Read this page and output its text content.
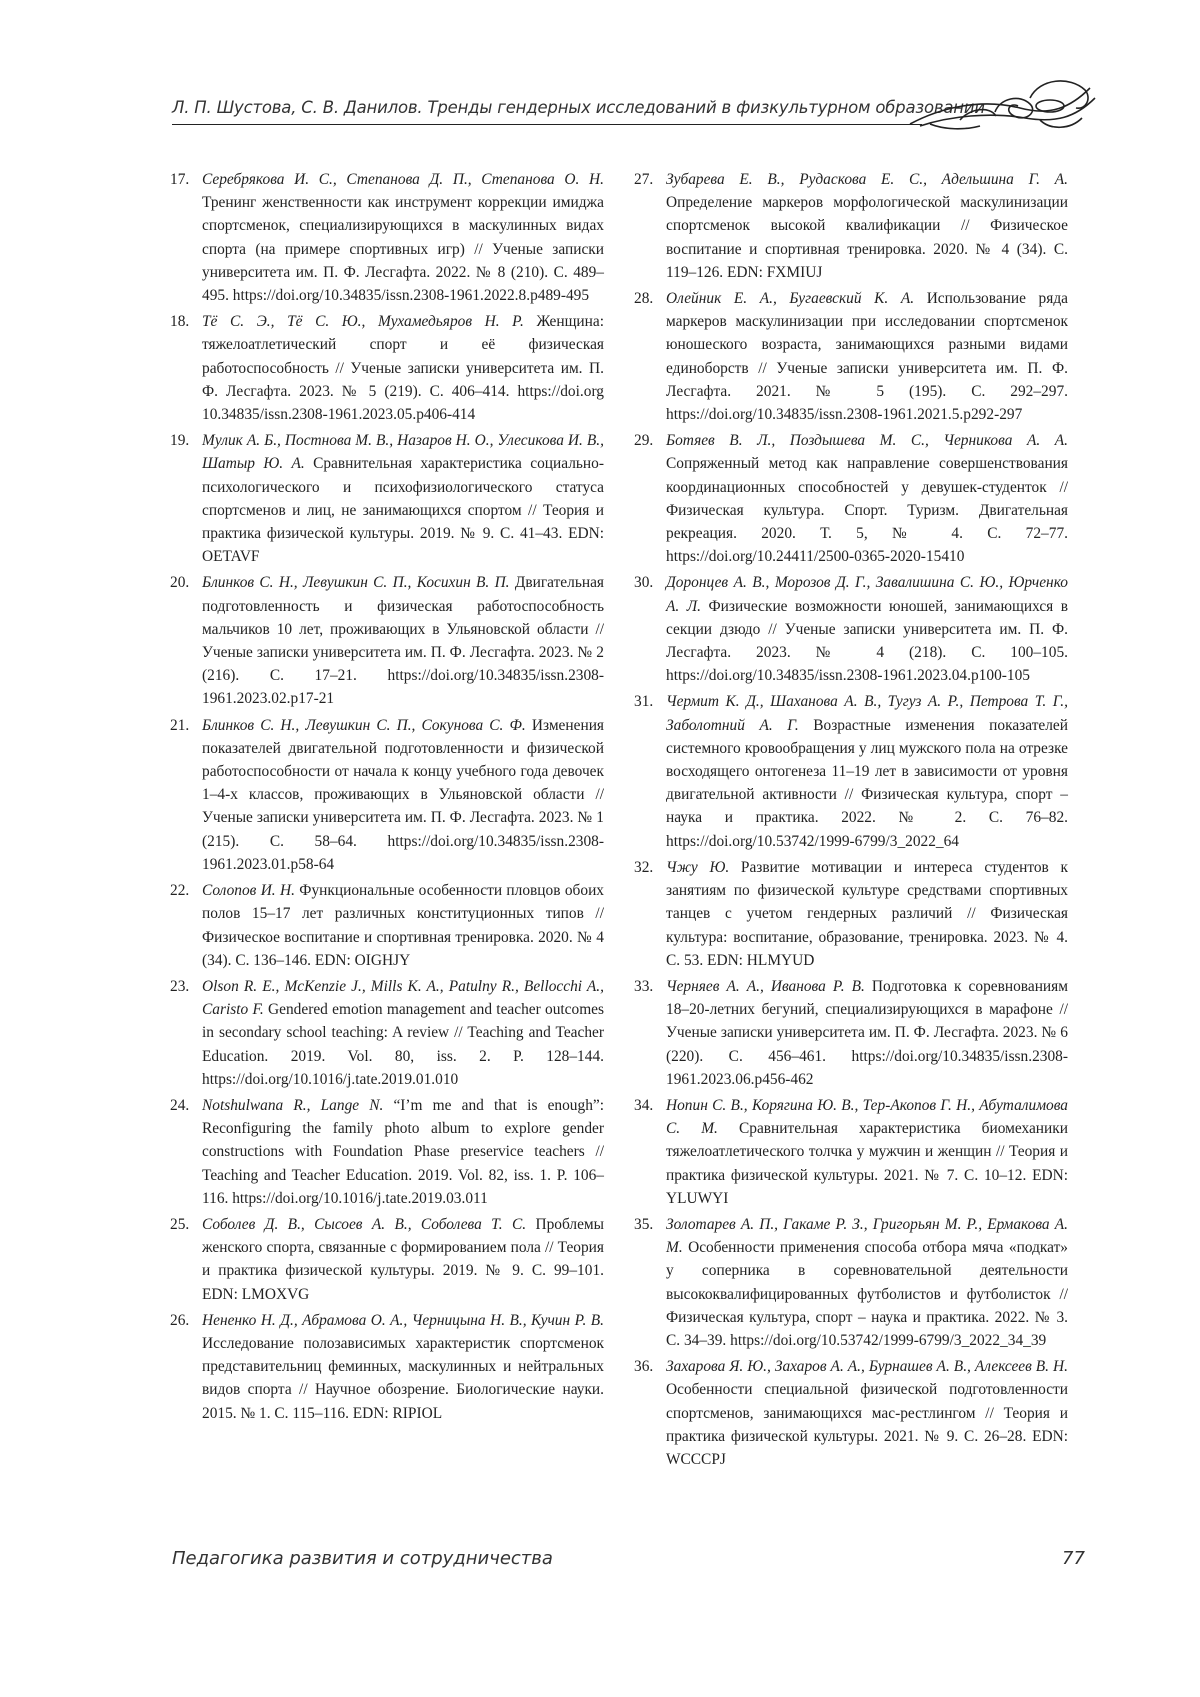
Л. П. Шустова, С. В. Данилов. Тренды гендерных исследований в физкультурном образовании
17. Серебрякова И. С., Степанова Д. П., Степанова О. Н. Тренинг женственности как инструмент коррекции имиджа спортсменок, специализирующихся в маскулинных видах спорта (на примере спортивных игр) // Ученые записки университета им. П. Ф. Лесгафта. 2022. № 8 (210). С. 489–495. https://doi.org/10.34835/issn.2308-1961.2022.8.p489-495
18. Тё С. Э., Тё С. Ю., Мухамедьяров Н. Р. Женщина: тяжелоатлетический спорт и её физическая работоспособность // Ученые записки университета им. П. Ф. Лесгафта. 2023. № 5 (219). С. 406–414. https://doi.org 10.34835/issn.2308-1961.2023.05.p406-414
19. Мулик А. Б., Постнова М. В., Назаров Н. О., Улесикова И. В., Шатыр Ю. А. Сравнительная характеристика социально-психологического и психофизиологического статуса спортсменов и лиц, не занимающихся спортом // Теория и практика физической культуры. 2019. № 9. С. 41–43. EDN: OETAVF
20. Блинков С. Н., Левушкин С. П., Косихин В. П. Двигательная подготовленность и физическая работоспособность мальчиков 10 лет, проживающих в Ульяновской области // Ученые записки университета им. П. Ф. Лесгафта. 2023. № 2 (216). С. 17–21. https://doi.org/10.34835/issn.2308-1961.2023.02.p17-21
21. Блинков С. Н., Левушкин С. П., Сокунова С. Ф. Изменения показателей двигательной подготовленности и физической работоспособности от начала к концу учебного года девочек 1–4-х классов, проживающих в Ульяновской области // Ученые записки университета им. П. Ф. Лесгафта. 2023. № 1 (215). С. 58–64. https://doi.org/10.34835/issn.2308-1961.2023.01.p58-64
22. Солопов И. Н. Функциональные особенности пловцов обоих полов 15–17 лет различных конституционных типов // Физическое воспитание и спортивная тренировка. 2020. № 4 (34). С. 136–146. EDN: OIGHJY
23. Olson R. E., McKenzie J., Mills K. A., Patulny R., Bellocchi A., Caristo F. Gendered emotion management and teacher outcomes in secondary school teaching: A review // Teaching and Teacher Education. 2019. Vol. 80, iss. 2. P. 128–144. https://doi.org/10.1016/j.tate.2019.01.010
24. Notshulwana R., Lange N. “I’m me and that is enough”: Reconfiguring the family photo album to explore gender constructions with Foundation Phase preservice teachers // Teaching and Teacher Education. 2019. Vol. 82, iss. 1. P. 106–116. https://doi.org/10.1016/j.tate.2019.03.011
25. Соболев Д. В., Сысоев А. В., Соболева Т. С. Проблемы женского спорта, связанные с формированием пола // Теория и практика физической культуры. 2019. № 9. С. 99–101. EDN: LMOXVG
26. Нененко Н. Д., Абрамова О. А., Черницына Н. В., Кучин Р. В. Исследование полозависимых характеристик спортсменок представительниц феминных, маскулинных и нейтральных видов спорта // Научное обозрение. Биологические науки. 2015. № 1. С. 115–116. EDN: RIPIOL
27. Зубарева Е. В., Рудаскова Е. С., Адельшина Г. А. Определение маркеров морфологической маскулинизации спортсменок высокой квалификации // Физическое воспитание и спортивная тренировка. 2020. № 4 (34). С. 119–126. EDN: FXMIUJ
28. Олейник Е. А., Бугаевский К. А. Использование ряда маркеров маскулинизации при исследовании спортсменок юношеского возраста, занимающихся разными видами единоборств // Ученые записки университета им. П. Ф. Лесгафта. 2021. № 5 (195). С. 292–297. https://doi.org/10.34835/issn.2308-1961.2021.5.p292-297
29. Ботяев В. Л., Поздышева М. С., Черникова А. А. Сопряженный метод как направление совершенствования координационных способностей у девушек-студенток // Физическая культура. Спорт. Туризм. Двигательная рекреация. 2020. Т. 5, № 4. С. 72–77. https://doi.org/10.24411/2500-0365-2020-15410
30. Доронцев А. В., Морозов Д. Г., Завалишина С. Ю., Юрченко А. Л. Физические возможности юношей, занимающихся в секции дзюдо // Ученые записки университета им. П. Ф. Лесгафта. 2023. № 4 (218). С. 100–105. https://doi.org/10.34835/issn.2308-1961.2023.04.p100-105
31. Чермит К. Д., Шаханова А. В., Тугуз А. Р., Петрова Т. Г., Заболотний А. Г. Возрастные изменения показателей системного кровообращения у лиц мужского пола на отрезке восходящего онтогенеза 11–19 лет в зависимости от уровня двигательной активности // Физическая культура, спорт – наука и практика. 2022. № 2. С. 76–82. https://doi.org/10.53742/1999-6799/3_2022_64
32. Чжу Ю. Развитие мотивации и интереса студентов к занятиям по физической культуре средствами спортивных танцев с учетом гендерных различий // Физическая культура: воспитание, образование, тренировка. 2023. № 4. С. 53. EDN: HLMYUD
33. Черняев А. А., Иванова Р. В. Подготовка к соревнованиям 18–20-летних бегуний, специализирующихся в марафоне // Ученые записки университета им. П. Ф. Лесгафта. 2023. № 6 (220). С. 456–461. https://doi.org/10.34835/issn.2308-1961.2023.06.p456-462
34. Нопин С. В., Корягина Ю. В., Тер-Акопов Г. Н., Абуталимова С. М. Сравнительная характеристика биомеханики тяжелоатлетического толчка у мужчин и женщин // Теория и практика физической культуры. 2021. № 7. С. 10–12. EDN: YLUWYI
35. Золотарев А. П., Гакаме Р. З., Григорьян М. Р., Ермакова А. М. Особенности применения способа отбора мяча «подкат» у соперника в соревновательной деятельности высококвалифицированных футболистов и футболисток // Физическая культура, спорт – наука и практика. 2022. № 3. С. 34–39. https://doi.org/10.53742/1999-6799/3_2022_34_39
36. Захарова Я. Ю., Захаров А. А., Бурнашев А. В., Алексеев В. Н. Особенности специальной физической подготовленности спортсменов, занимающихся мас-рестлингом // Теория и практика физической культуры. 2021. № 9. С. 26–28. EDN: WCCCPJ
Педагогика развития и сотрудничества	77
